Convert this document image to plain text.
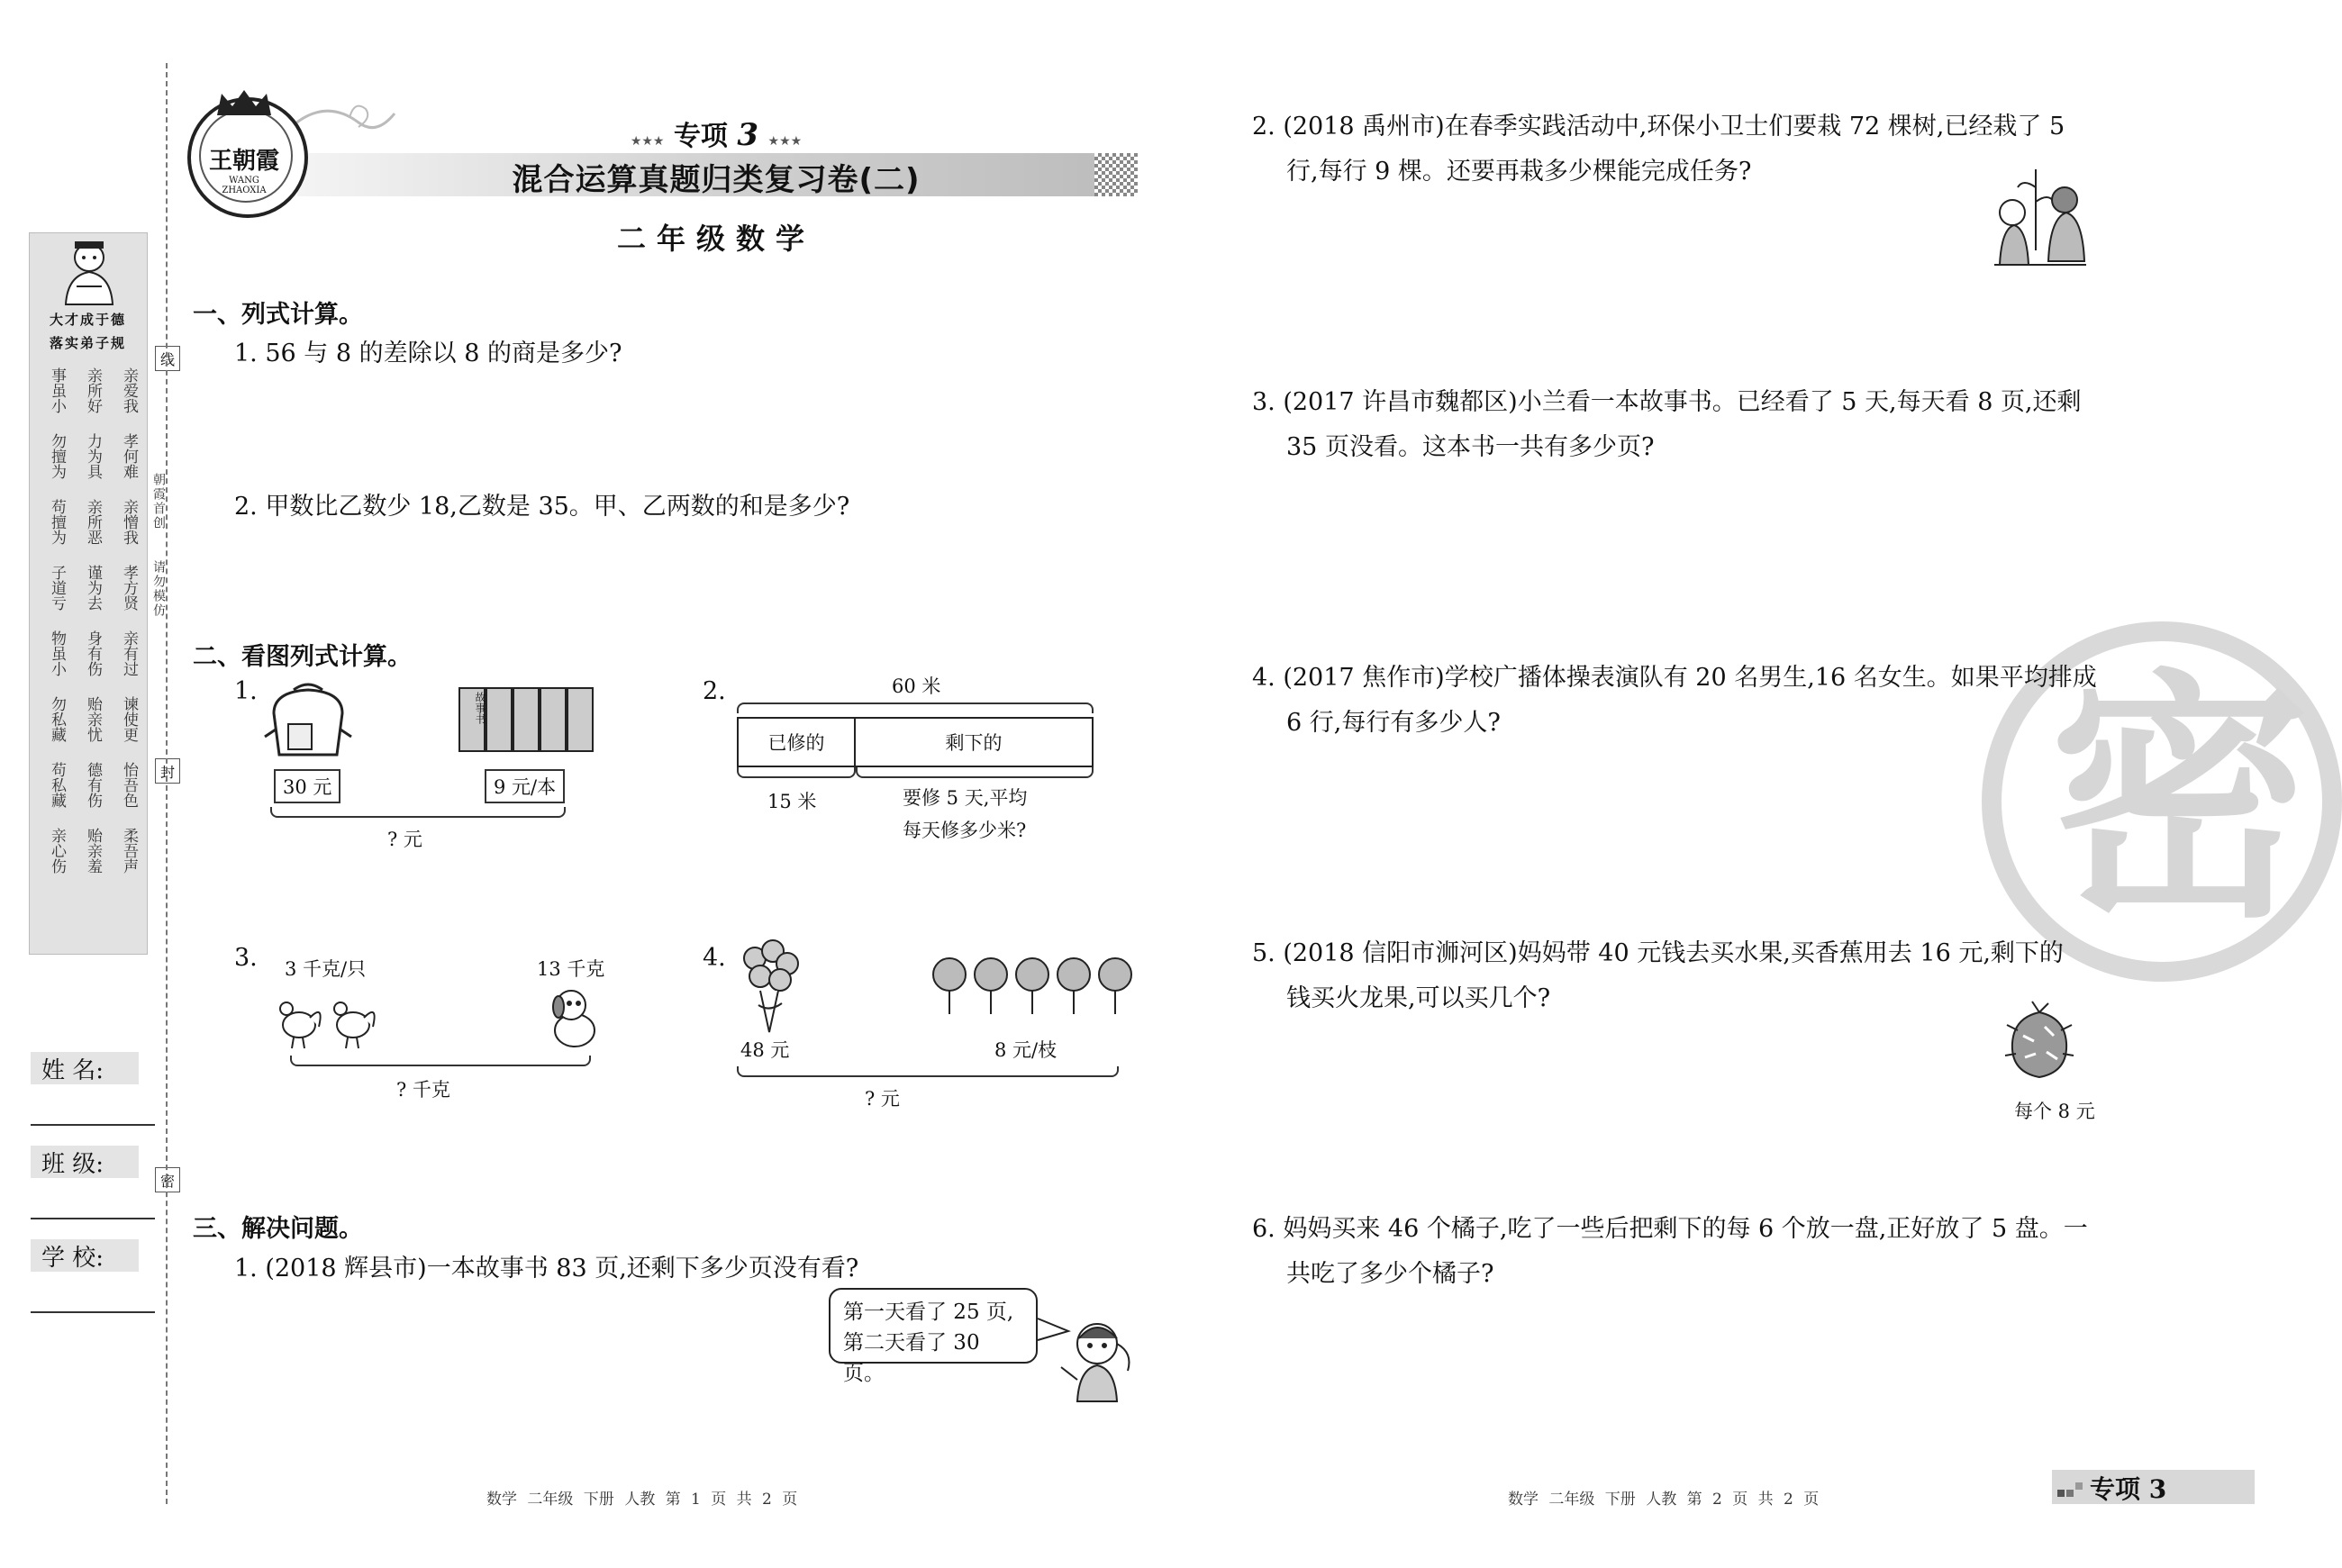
大才成于德
落实弟子规
事虽小	亲所好	亲爱我
勿擅为	力为具	孝何难
苟擅为	亲所恶	亲憎我
子道亏	谨为去	孝方贤
物虽小	身有伤	亲有过
勿私藏	贻亲忧	谏使更
苟私藏	德有伤	怡吾色
亲心伤	贻亲羞	柔吾声
线
朝霞首创
请勿模仿
封
密
姓 名:
班 级:
学 校:
王朝霞
WANG ZHAOXIA
★★★ 专项 3 ★★★
混合运算真题归类复习卷(二)
二年级数学
一、列式计算。
1. 56 与 8 的差除以 8 的商是多少?
2. 甲数比乙数少 18,乙数是 35。甲、乙两数的和是多少?
二、看图列式计算。
1.
故事书
30 元	9 元/本
? 元
2.	60 米
已修的	剩下的
15 米	要修 5 天,平均
每天修多少米?
3. 3 千克/只	13 千克
? 千克
4.
48 元	8 元/枝
? 元
三、解决问题。
1. (2018 辉县市)一本故事书 83 页,还剩下多少页没有看?
第一天看了 25 页,
第二天看了 30 页。
2. (2018 禹州市)在春季实践活动中,环保小卫士们要栽 72 棵树,已经栽了 5
行,每行 9 棵。还要再栽多少棵能完成任务?
3. (2017 许昌市魏都区)小兰看一本故事书。已经看了 5 天,每天看 8 页,还剩
35 页没看。这本书一共有多少页?
密
4. (2017 焦作市)学校广播体操表演队有 20 名男生,16 名女生。如果平均排成
6 行,每行有多少人?
5. (2018 信阳市浉河区)妈妈带 40 元钱去买水果,买香蕉用去 16 元,剩下的
钱买火龙果,可以买几个?
每个 8 元
6. 妈妈买来 46 个橘子,吃了一些后把剩下的每 6 个放一盘,正好放了 5 盘。一
共吃了多少个橘子?
数学 二年级 下册 人教 第 1 页 共 2 页	数学 二年级 下册 人教 第 2 页 共 2 页	专项 3
